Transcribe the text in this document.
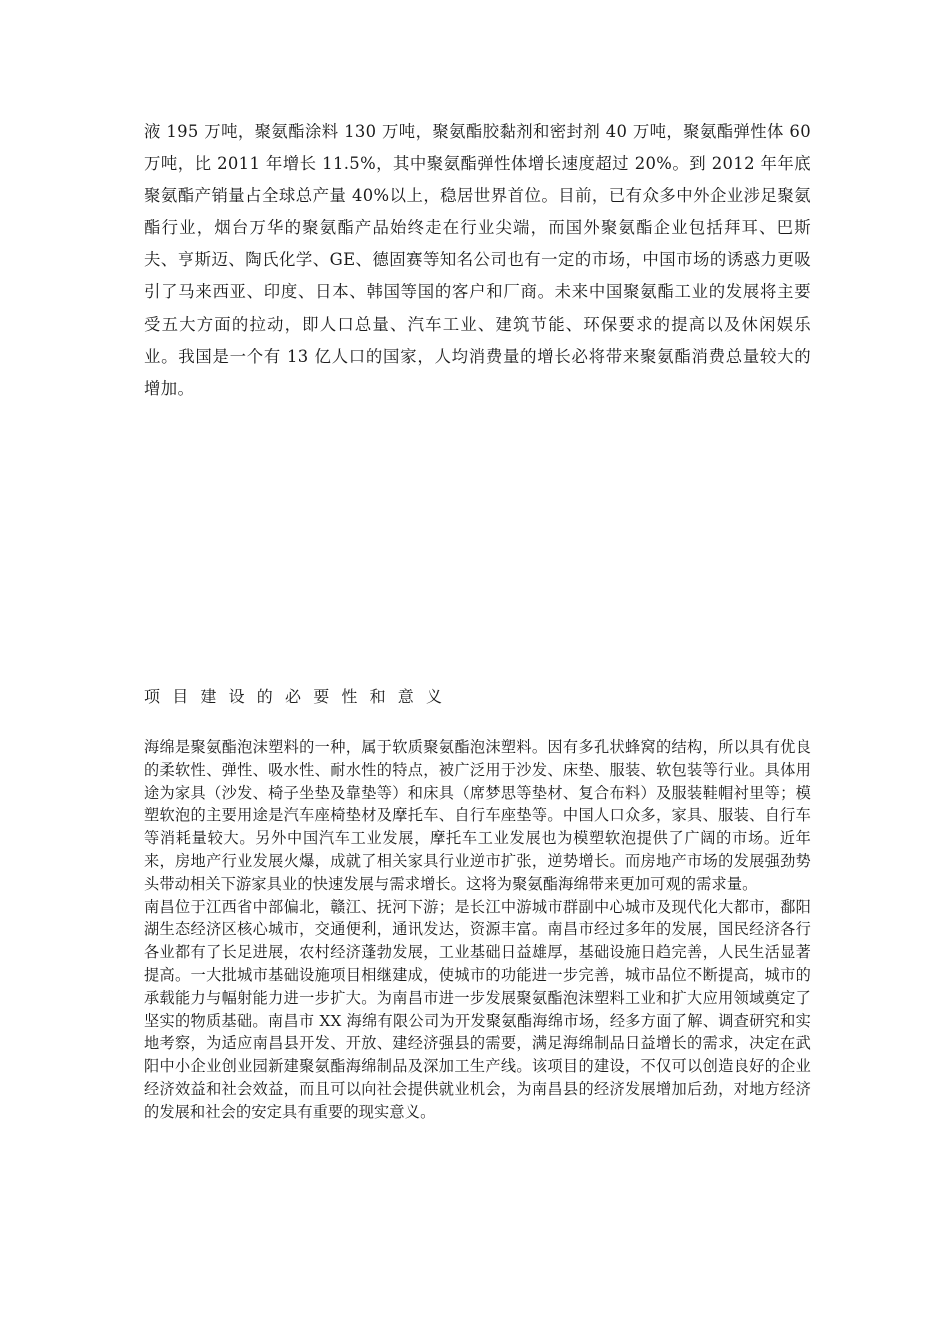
液 195 万吨，聚氨酯涂料 130 万吨，聚氨酯胶黏剂和密封剂 40 万吨，聚氨酯弹性体 60 万吨，比 2011 年增长 11.5%，其中聚氨酯弹性体增长速度超过 20%。到 2012 年年底聚氨酯产销量占全球总产量 40%以上，稳居世界首位。目前，已有众多中外企业涉足聚氨酯行业，烟台万华的聚氨酯产品始终走在行业尖端，而国外聚氨酯企业包括拜耳、巴斯夫、亨斯迈、陶氏化学、GE、德固赛等知名公司也有一定的市场，中国市场的诱惑力更吸引了马来西亚、印度、日本、韩国等国的客户和厂商。未来中国聚氨酯工业的发展将主要受五大方面的拉动，即人口总量、汽车工业、建筑节能、环保要求的提高以及休闲娱乐业。我国是一个有 13 亿人口的国家，人均消费量的增长必将带来聚氨酯消费总量较大的增加。
项目建设的必要性和意义

海绵是聚氨酯泡沫塑料的一种，属于软质聚氨酯泡沫塑料。因有多孔状蜂窝的结构，所以具有优良的柔软性、弹性、吸水性、耐水性的特点，被广泛用于沙发、床垫、服装、软包装等行业。具体用途为家具（沙发、椅子坐垫及靠垫等）和床具（席梦思等垫材、复合布料）及服装鞋帽衬里等；模塑软泡的主要用途是汽车座椅垫材及摩托车、自行车座垫等。中国人口众多，家具、服装、自行车等消耗量较大。另外中国汽车工业发展，摩托车工业发展也为模塑软泡提供了广阔的市场。近年来，房地产行业发展火爆，成就了相关家具行业逆市扩张，逆势增长。而房地产市场的发展强劲势头带动相关下游家具业的快速发展与需求增长。这将为聚氨酯海绵带来更加可观的需求量。

南昌位于江西省中部偏北，赣江、抚河下游；是长江中游城市群副中心城市及现代化大都市，鄱阳湖生态经济区核心城市，交通便利，通讯发达，资源丰富。南昌市经过多年的发展，国民经济各行各业都有了长足进展，农村经济蓬勃发展，工业基础日益雄厚，基础设施日趋完善，人民生活显著提高。一大批城市基础设施项目相继建成，使城市的功能进一步完善，城市品位不断提高，城市的承载能力与幅射能力进一步扩大。为南昌市进一步发展聚氨酯泡沫塑料工业和扩大应用领域奠定了坚实的物质基础。南昌市 XX 海绵有限公司为开发聚氨酯海绵市场，经多方面了解、调查研究和实地考察，为适应南昌县开发、开放、建经济强县的需要，满足海绵制品日益增长的需求，决定在武阳中小企业创业园新建聚氨酯海绵制品及深加工生产线。该项目的建设，不仅可以创造良好的企业经济效益和社会效益，而且可以向社会提供就业机会，为南昌县的经济发展增加后劲，对地方经济的发展和社会的安定具有重要的现实意义。
